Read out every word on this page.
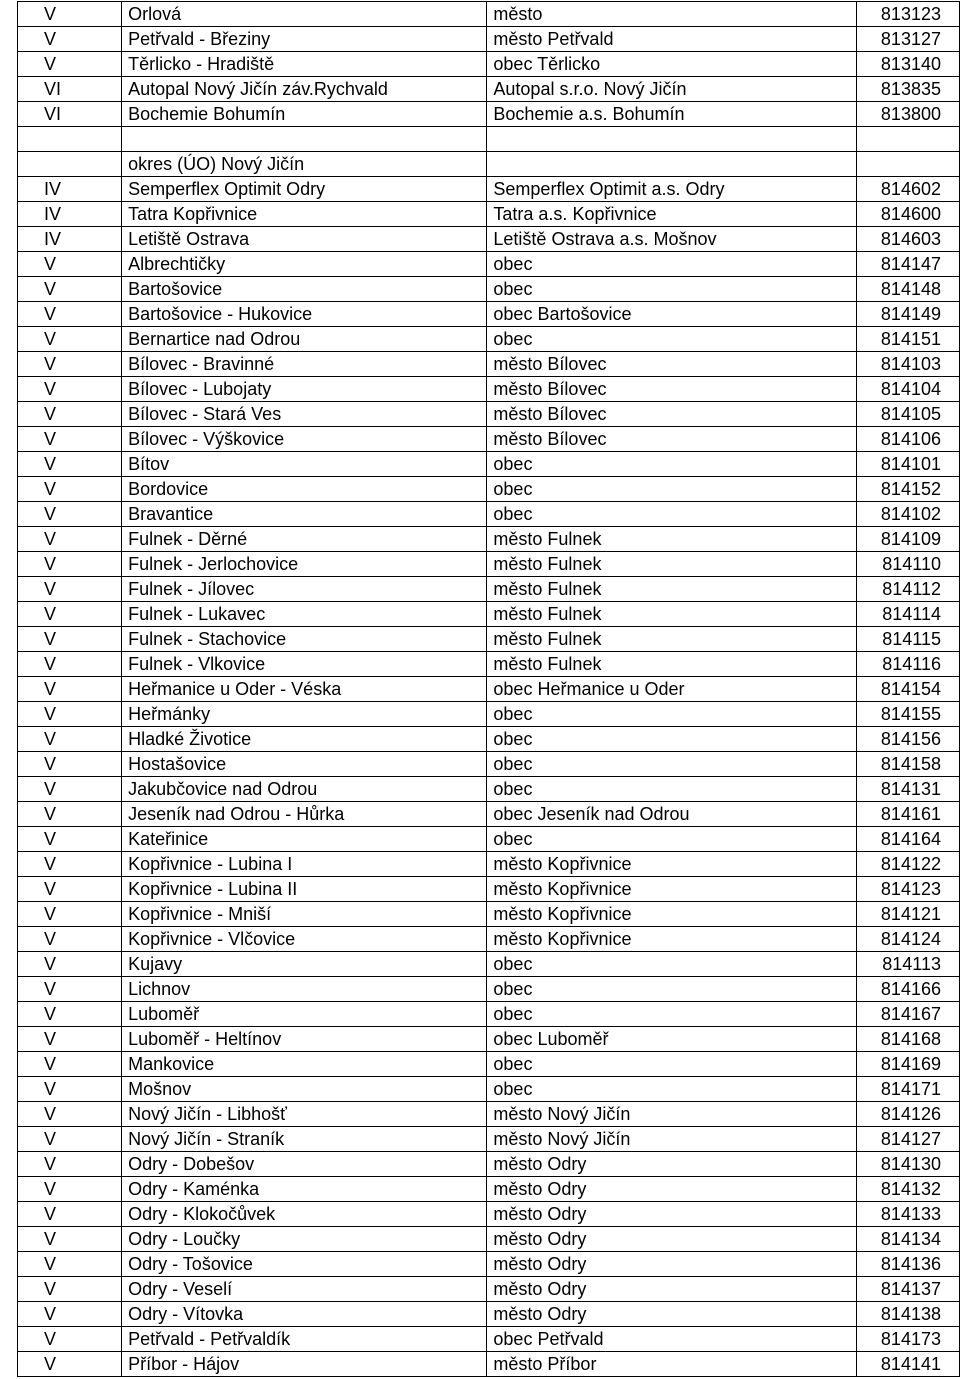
V	Orlová	město	813123
V	Petřvald - Březiny	město Petřvald	813127
V	Těrlicko - Hradiště	obec Těrlicko	813140
VI	Autopal Nový Jičín záv.Rychvald	Autopal s.r.o. Nový Jičín	813835
VI	Bochemie Bohumín	Bochemie a.s. Bohumín	813800

	okres (ÚO) Nový Jičín		
IV	Semperflex Optimit Odry	Semperflex Optimit a.s. Odry	814602
IV	Tatra Kopřivnice	Tatra a.s. Kopřivnice	814600
IV	Letiště Ostrava	Letiště Ostrava a.s. Mošnov	814603
V	Albrechtičky	obec	814147
V	Bartošovice	obec	814148
V	Bartošovice - Hukovice	obec Bartošovice	814149
V	Bernartice nad Odrou	obec	814151
V	Bílovec - Bravinné	město Bílovec	814103
V	Bílovec - Lubojaty	město Bílovec	814104
V	Bílovec - Stará Ves	město Bílovec	814105
V	Bílovec - Výškovice	město Bílovec	814106
V	Bítov	obec	814101
V	Bordovice	obec	814152
V	Bravantice	obec	814102
V	Fulnek - Děrné	město Fulnek	814109
V	Fulnek - Jerlochovice	město Fulnek	814110
V	Fulnek - Jílovec	město Fulnek	814112
V	Fulnek - Lukavec	město Fulnek	814114
V	Fulnek - Stachovice	město Fulnek	814115
V	Fulnek - Vlkovice	město Fulnek	814116
V	Heřmanice u Oder - Véska	obec Heřmanice u Oder	814154
V	Heřmánky	obec	814155
V	Hladké Životice	obec	814156
V	Hostašovice	obec	814158
V	Jakubčovice nad Odrou	obec	814131
V	Jeseník nad Odrou - Hůrka	obec Jeseník nad Odrou	814161
V	Kateřinice	obec	814164
V	Kopřivnice - Lubina I	město Kopřivnice	814122
V	Kopřivnice - Lubina II	město Kopřivnice	814123
V	Kopřivnice - Mniší	město Kopřivnice	814121
V	Kopřivnice - Vlčovice	město Kopřivnice	814124
V	Kujavy	obec	814113
V	Lichnov	obec	814166
V	Luboměř	obec	814167
V	Luboměř - Heltínov	obec Luboměř	814168
V	Mankovice	obec	814169
V	Mošnov	obec	814171
V	Nový Jičín - Libhošť	město Nový Jičín	814126
V	Nový Jičín - Straník	město Nový Jičín	814127
V	Odry - Dobešov	město Odry	814130
V	Odry - Kaménka	město Odry	814132
V	Odry - Klokočůvek	město Odry	814133
V	Odry - Loučky	město Odry	814134
V	Odry - Tošovice	město Odry	814136
V	Odry - Veselí	město Odry	814137
V	Odry - Vítovka	město Odry	814138
V	Petřvald - Petřvaldík	obec Petřvald	814173
V	Příbor - Hájov	město Příbor	814141
